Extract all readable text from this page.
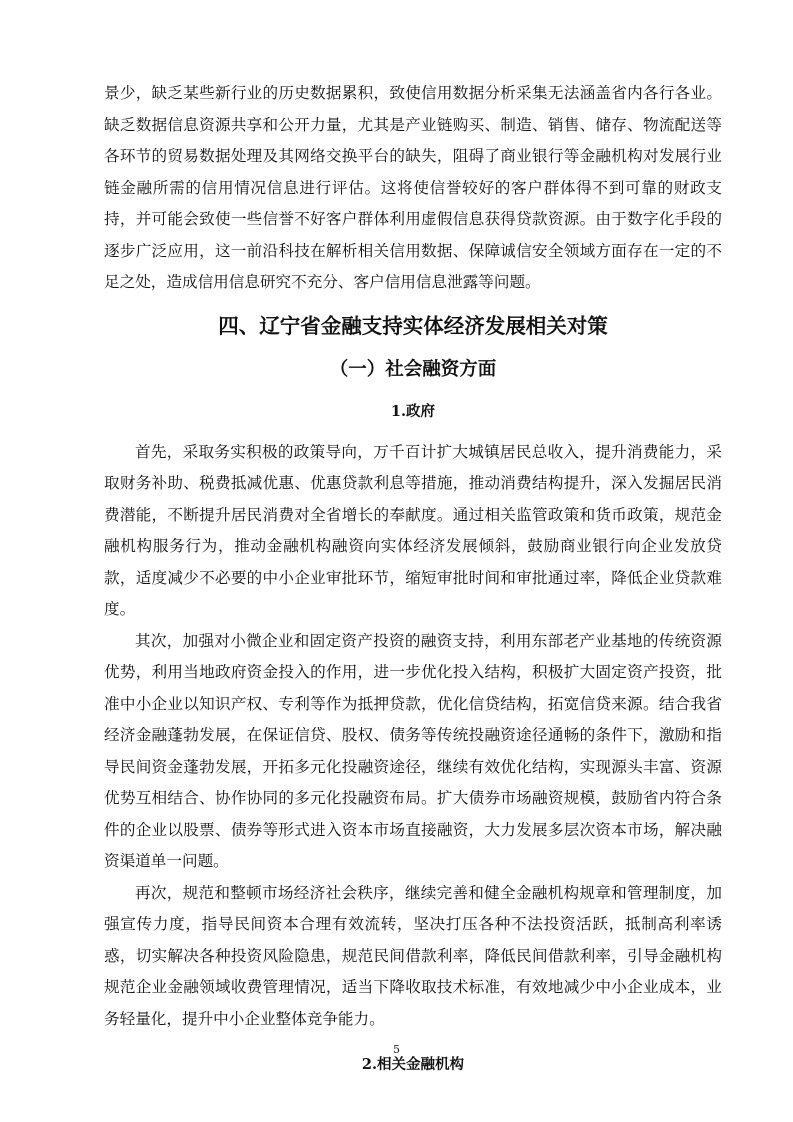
景少，缺乏某些新行业的历史数据累积，致使信用数据分析采集无法涵盖省内各行各业。缺乏数据信息资源共享和公开力量，尤其是产业链购买、制造、销售、储存、物流配送等各环节的贸易数据处理及其网络交换平台的缺失，阻碍了商业银行等金融机构对发展行业链金融所需的信用情况信息进行评估。这将使信誉较好的客户群体得不到可靠的财政支持，并可能会致使一些信誉不好客户群体利用虚假信息获得贷款资源。由于数字化手段的逐步广泛应用，这一前沿科技在解析相关信用数据、保障诚信安全领域方面存在一定的不足之处，造成信用信息研究不充分、客户信用信息泄露等问题。

四、辽宁省金融支持实体经济发展相关对策
（一）社会融资方面
1.政府

首先，采取务实积极的政策导向，万千百计扩大城镇居民总收入，提升消费能力，采取财务补助、税费抵减优惠、优惠贷款利息等措施，推动消费结构提升，深入发掘居民消费潜能，不断提升居民消费对全省增长的奉献度。通过相关监管政策和货币政策，规范金融机构服务行为，推动金融机构融资向实体经济发展倾斜，鼓励商业银行向企业发放贷款，适度减少不必要的中小企业审批环节，缩短审批时间和审批通过率，降低企业贷款难度。

其次，加强对小微企业和固定资产投资的融资支持，利用东部老产业基地的传统资源优势，利用当地政府资金投入的作用，进一步优化投入结构，积极扩大固定资产投资，批准中小企业以知识产权、专利等作为抵押贷款，优化信贷结构，拓宽信贷来源。结合我省经济金融蓬勃发展，在保证信贷、股权、债务等传统投融资途径通畅的条件下，激励和指导民间资金蓬勃发展，开拓多元化投融资途径，继续有效优化结构，实现源头丰富、资源优势互相结合、协作协同的多元化投融资布局。扩大债券市场融资规模，鼓励省内符合条件的企业以股票、债券等形式进入资本市场直接融资，大力发展多层次资本市场，解决融资渠道单一问题。

再次，规范和整顿市场经济社会秩序，继续完善和健全金融机构规章和管理制度，加强宣传力度，指导民间资本合理有效流转，坚决打压各种不法投资活跃，抵制高利率诱惑，切实解决各种投资风险隐患，规范民间借款利率，降低民间借款利率，引导金融机构规范企业金融领域收费管理情况，适当下降收取技术标准，有效地减少中小企业成本，业务轻量化，提升中小企业整体竞争能力。

2.相关金融机构
5
